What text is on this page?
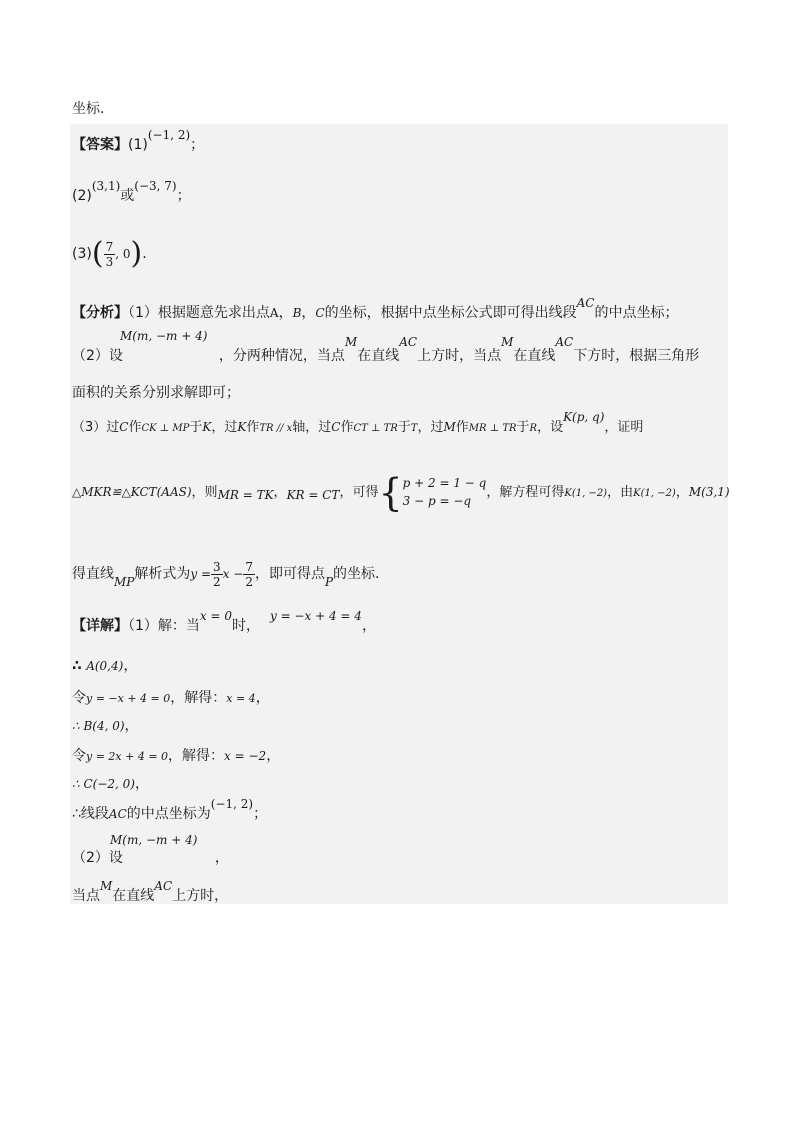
坐标.
【答案】(1)(−1, 2)；
(2)(3,1)或(−3, 7)；
$(3)( \frac{7}{3}$ , 0).
【分析】（1）根据题意先求出点A，B，C的坐标，根据中点坐标公式即可得出线段AC的中点坐标；
M(m, −m + 4)
（2）设	，分两种情况，当点M在直线AC上方时，当点M在直线AC下方时，根据三角形
面积的关系分别求解即可；
（3）过C作CK ⊥ MP于K，过K作TR // x轴，过C作CT ⊥ TR于T，过M作MR ⊥ TR于R，设K(p, q)，证明
△MKR≌△KCT(AAS)，则MR = TK，KR = CT，可得{ p + 2 = 1 − q
3 − p = −q
，解方程可得K(1, −2)，由K(1, −2)，M(3,1)
得直线MP解析式为$y = \frac{3}{2}$ $x - \frac{7}{2}$ ，即可得点P的坐标.
【详解】（1）解：当x = 0时，y = −x + 4 = 4，
∴ A(0,4)，
令y = −x + 4 = 0，解得：x = 4，
∴ B(4, 0)，
令y = 2x + 4 = 0，解得：x = −2，
∴ C(−2, 0)，
∴线段AC的中点坐标为(−1, 2)；
M(m, −m + 4)
（2）设	，
当点M在直线AC上方时，
